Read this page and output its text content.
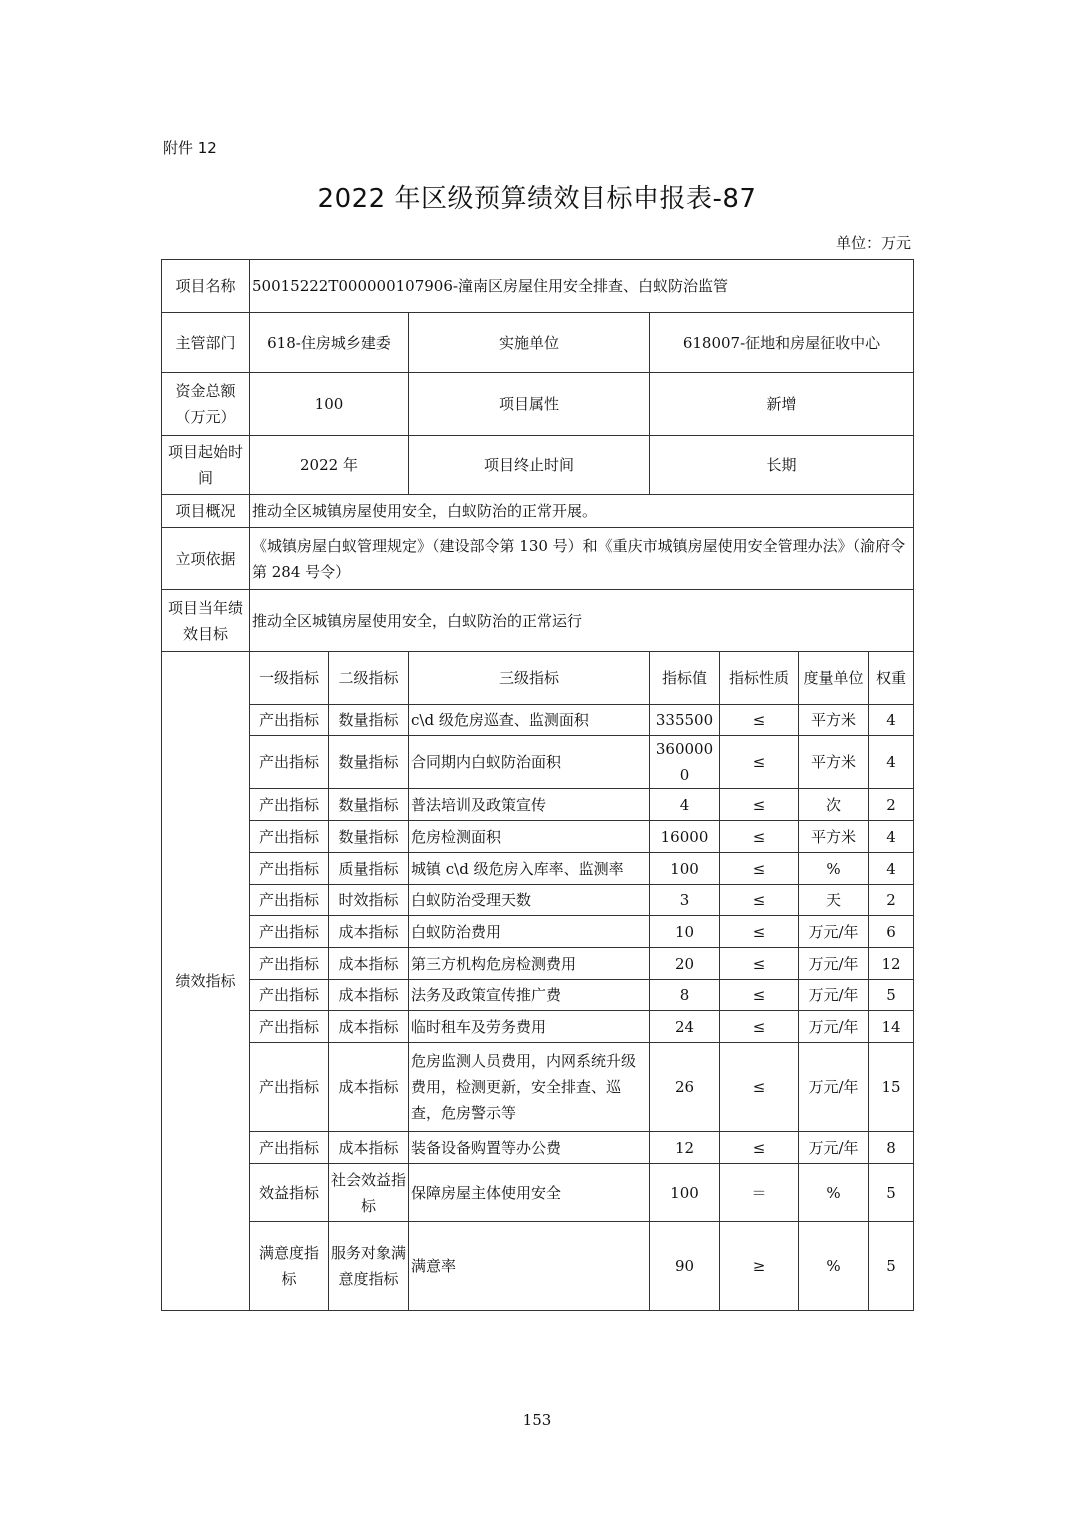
附件 12
2022 年区级预算绩效目标申报表-87
单位：万元
项目名称	50015222T000000107906-潼南区房屋住用安全排查、白蚁防治监管						
主管部门	618-住房城乡建委		实施单位	618007-征地和房屋征收中心			
资金总额（万元）	100		项目属性	新增			
项目起始时间	2022 年		项目终止时间	长期			
项目概况	推动全区城镇房屋使用安全，白蚁防治的正常开展。						
立项依据	《城镇房屋白蚁管理规定》（建设部令第 130 号）和《重庆市城镇房屋使用安全管理办法》（渝府令第 284 号令）						
项目当年绩效目标	推动全区城镇房屋使用安全，白蚁防治的正常运行						
绩效指标	一级指标	二级指标	三级指标	指标值	指标性质	度量单位	权重
	产出指标	数量指标	c\d 级危房巡查、监测面积	335500	≤	平方米	4
	产出指标	数量指标	合同期内白蚁防治面积	3600000	≤	平方米	4
	产出指标	数量指标	普法培训及政策宣传	4	≤	次	2
	产出指标	数量指标	危房检测面积	16000	≤	平方米	4
	产出指标	质量指标	城镇 c\d 级危房入库率、监测率	100	≤	%	4
	产出指标	时效指标	白蚁防治受理天数	3	≤	天	2
	产出指标	成本指标	白蚁防治费用	10	≤	万元/年	6
	产出指标	成本指标	第三方机构危房检测费用	20	≤	万元/年	12
	产出指标	成本指标	法务及政策宣传推广费	8	≤	万元/年	5
	产出指标	成本指标	临时租车及劳务费用	24	≤	万元/年	14
	产出指标	成本指标	危房监测人员费用，内网系统升级费用，检测更新，安全排查、巡查，危房警示等	26	≤	万元/年	15
	产出指标	成本指标	装备设备购置等办公费	12	≤	万元/年	8
	效益指标	社会效益指标	保障房屋主体使用安全	100	＝	%	5
	满意度指标	服务对象满意度指标	满意率	90	≥	%	5
153
